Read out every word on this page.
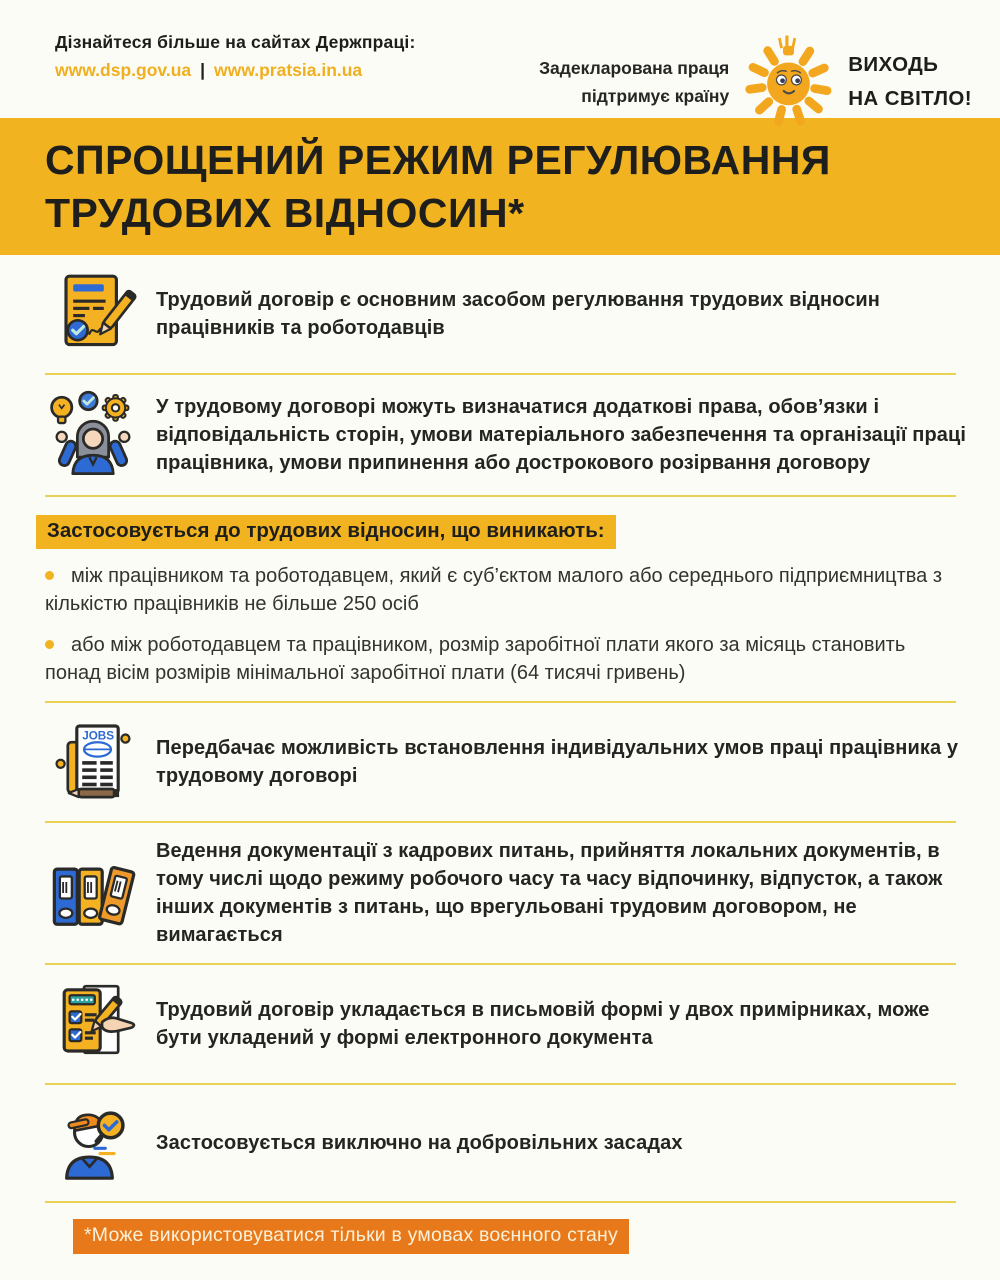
Дізнайтеся більше на сайтах Держпраці:
www.dsp.gov.ua | www.pratsia.in.ua	Задекларована праця
підтримує країну
ВИХОДЬ
НА СВІТЛО!
СПРОЩЕНИЙ РЕЖИМ РЕГУЛЮВАННЯ
ТРУДОВИХ ВІДНОСИН*

Трудовий договір є основним засобом регулювання трудових відносин працівників та роботодавців

У трудовому договорі можуть визначатися додаткові права, обов’язки і відповідальність сторін, умови матеріального забезпечення та організації праці працівника, умови припинення або дострокового розірвання договору

Застосовується до трудових відносин, що виникають:

між працівником та роботодавцем, який є суб’єктом малого або середнього підприємництва з кількістю працівників не більше 250 осіб

або між роботодавцем та працівником, розмір заробітної плати якого за місяць становить понад вісім розмірів мінімальної заробітної плати (64 тисячі гривень)

JOBS

Передбачає можливість встановлення індивідуальних умов праці працівника у трудовому договорі

Ведення документації з кадрових питань, прийняття локальних документів, в тому числі щодо режиму робочого часу та часу відпочинку, відпусток, а також інших документів з питань, що врегульовані трудовим договором, не вимагається

Трудовий договір укладається в письмовій формі у двох примірниках, може бути укладений у формі електронного документа

Застосовується виключно на добровільних засадах

*Може використовуватися тільки в умовах воєнного стану
